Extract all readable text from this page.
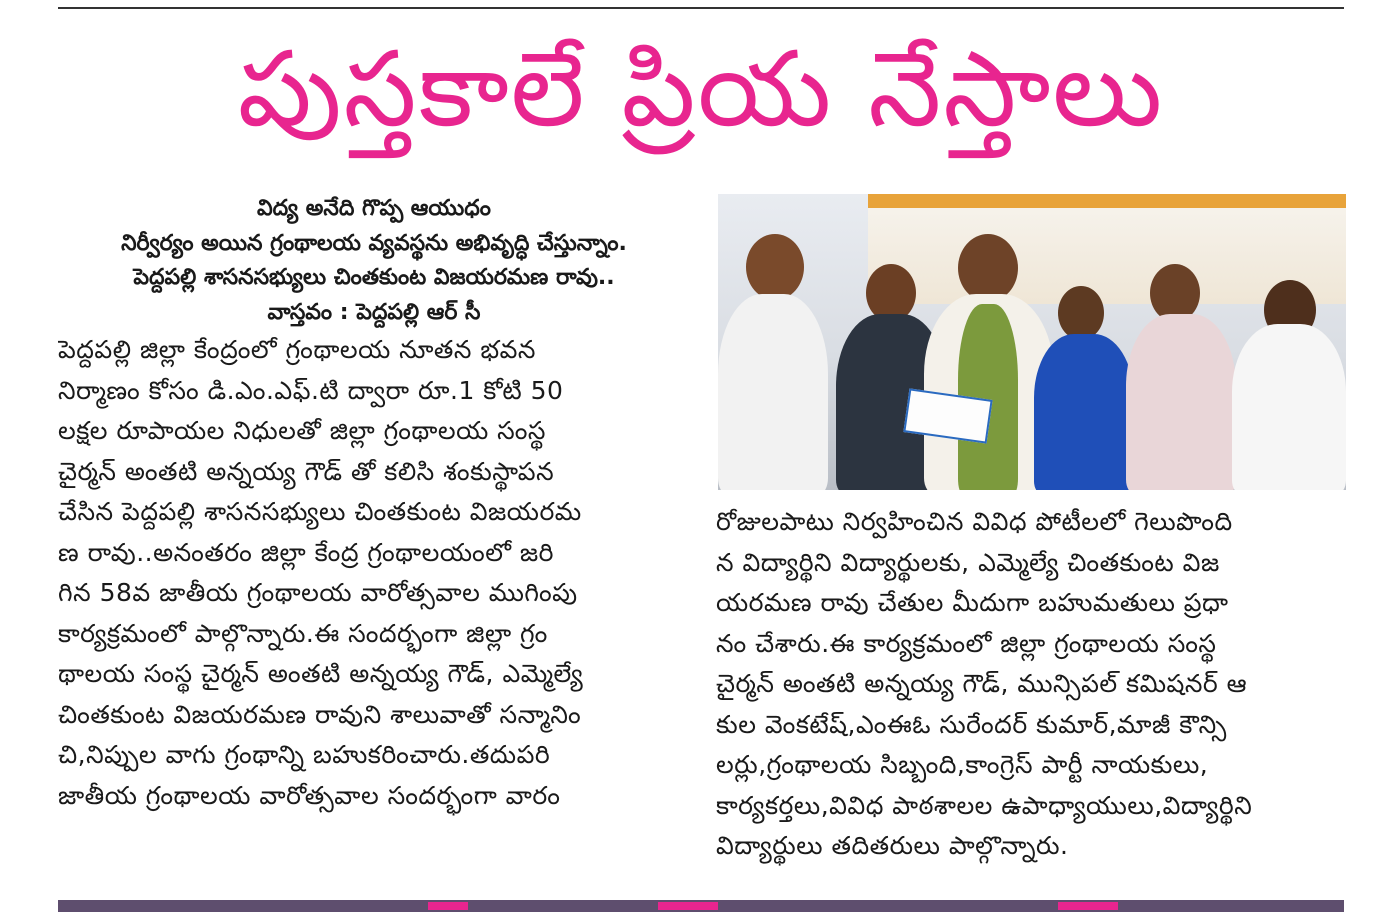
పుస్తకాలే ప్రియ నేస్తాలు
విద్య అనేది గొప్ప ఆయుధం
నిర్వీర్యం అయిన గ్రంథాలయ వ్యవస్థను అభివృద్ధి చేస్తున్నాం.
పెద్దపల్లి శాసనసభ్యులు చింతకుంట విజయరమణ రావు..
వాస్తవం : పెద్దపల్లి ఆర్ సీ
పెద్దపల్లి జిల్లా కేంద్రంలో గ్రంథాలయ నూతన భవన
నిర్మాణం కోసం డి.ఎం.ఎఫ్.టి ద్వారా రూ.1 కోటి 50
లక్షల రూపాయల నిధులతో జిల్లా గ్రంథాలయ సంస్థ
చైర్మన్ అంతటి అన్నయ్య గౌడ్ తో కలిసి శంకుస్థాపన
చేసిన పెద్దపల్లి శాసనసభ్యులు చింతకుంట విజయరమ
ణ రావు..అనంతరం జిల్లా కేంద్ర గ్రంథాలయంలో జరి
గిన 58వ జాతీయ గ్రంథాలయ వారోత్సవాల ముగింపు
కార్యక్రమంలో పాల్గొన్నారు.ఈ సందర్భంగా జిల్లా గ్రం
థాలయ సంస్థ చైర్మన్ అంతటి అన్నయ్య గౌడ్, ఎమ్మెల్యే
చింతకుంట విజయరమణ రావుని శాలువాతో సన్మానిం
చి,నిప్పుల వాగు గ్రంథాన్ని బహుకరించారు.తదుపరి
జాతీయ గ్రంథాలయ వారోత్సవాల సందర్భంగా వారం
రోజులపాటు నిర్వహించిన వివిధ పోటీలలో గెలుపొంది
న విద్యార్థిని విద్యార్థులకు, ఎమ్మెల్యే చింతకుంట విజ
యరమణ రావు చేతుల మీదుగా బహుమతులు ప్రధా
నం చేశారు.ఈ కార్యక్రమంలో జిల్లా గ్రంథాలయ సంస్థ
చైర్మన్ అంతటి అన్నయ్య గౌడ్, మున్సిపల్ కమిషనర్ ఆ
కుల వెంకటేష్,ఎంఈఓ సురేందర్ కుమార్,మాజీ కౌన్సి
లర్లు,గ్రంథాలయ సిబ్బంది,కాంగ్రెస్ పార్టీ నాయకులు,
కార్యకర్తలు,వివిధ పాఠశాలల ఉపాధ్యాయులు,విద్యార్థిని
విద్యార్థులు తదితరులు పాల్గొన్నారు.
